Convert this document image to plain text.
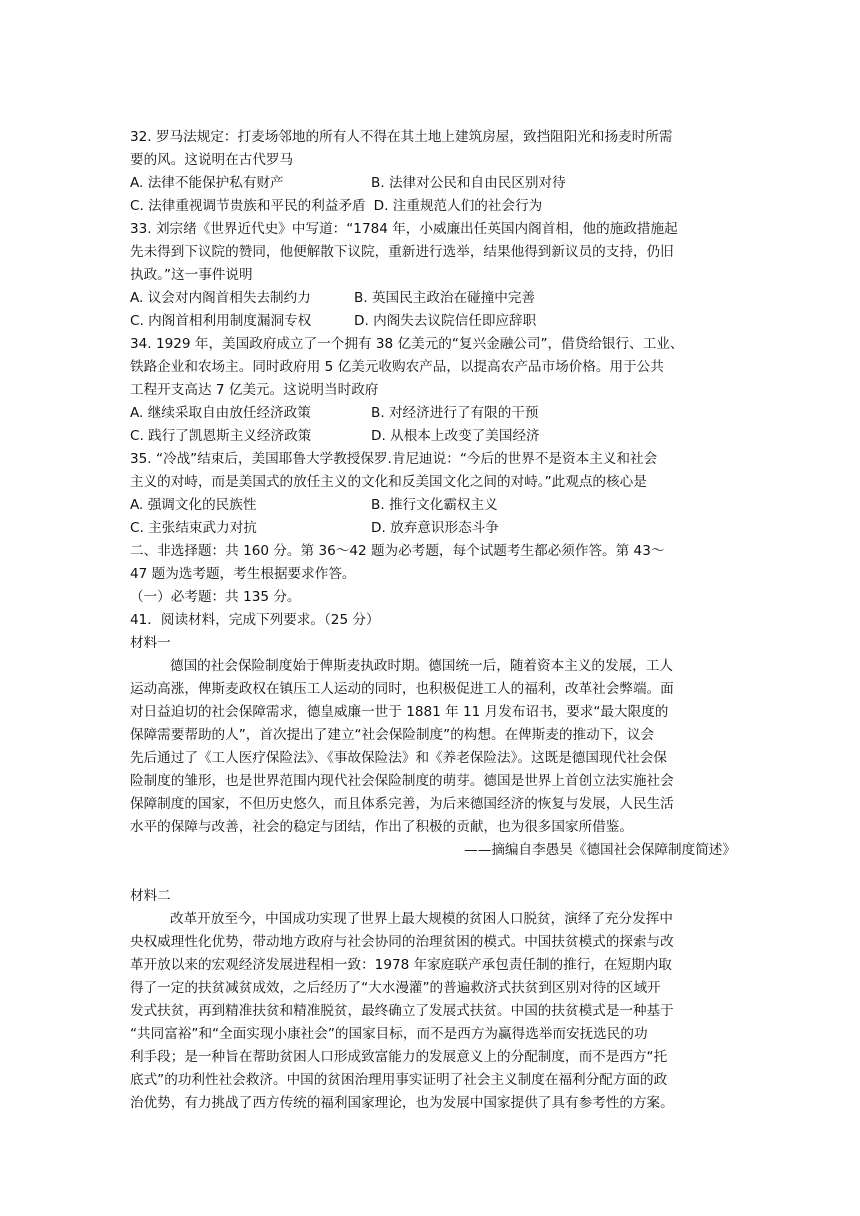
32. 罗马法规定：打麦场邻地的所有人不得在其土地上建筑房屋，致挡阻阳光和扬麦时所需
要的风。这说明在古代罗马
A. 法律不能保护私有财产	B. 法律对公民和自由民区别对待
C. 法律重视调节贵族和平民的利益矛盾 D. 注重规范人们的社会行为
33. 刘宗绪《世界近代史》中写道：“1784 年，小威廉出任英国内阁首相，他的施政措施起
先未得到下议院的赞同，他便解散下议院，重新进行选举，结果他得到新议员的支持，仍旧
执政。”这一事件说明
A. 议会对内阁首相失去制约力	B. 英国民主政治在碰撞中完善
C. 内阁首相利用制度漏洞专权	D. 内阁失去议院信任即应辞职
34. 1929 年，美国政府成立了一个拥有 38 亿美元的“复兴金融公司”，借贷给银行、工业、
铁路企业和农场主。同时政府用 5 亿美元收购农产品，以提高农产品市场价格。用于公共
工程开支高达 7 亿美元。这说明当时政府
A. 继续采取自由放任经济政策	B. 对经济进行了有限的干预
C. 践行了凯恩斯主义经济政策	D. 从根本上改变了美国经济
35. “冷战”结束后，美国耶鲁大学教授保罗.肯尼迪说：“今后的世界不是资本主义和社会
主义的对峙，而是美国式的放任主义的文化和反美国文化之间的对峙。”此观点的核心是
A. 强调文化的民族性	B. 推行文化霸权主义
C. 主张结束武力对抗	D. 放弃意识形态斗争
二、非选择题：共 160 分。第 36～42 题为必考题，每个试题考生都必须作答。第 43～
47 题为选考题，考生根据要求作答。
（一）必考题：共 135 分。
41．阅读材料，完成下列要求。（25 分）
材料一
德国的社会保险制度始于俾斯麦执政时期。德国统一后，随着资本主义的发展，工人
运动高涨，俾斯麦政权在镇压工人运动的同时，也积极促进工人的福利，改革社会弊端。面
对日益迫切的社会保障需求，德皇威廉一世于 1881 年 11 月发布诏书，要求“最大限度的
保障需要帮助的人”，首次提出了建立“社会保险制度”的构想。在俾斯麦的推动下，议会
先后通过了《工人医疗保险法》、《事故保险法》和《养老保险法》。这既是德国现代社会保
险制度的雏形，也是世界范围内现代社会保险制度的萌芽。德国是世界上首创立法实施社会
保障制度的国家，不但历史悠久，而且体系完善，为后来德国经济的恢复与发展，人民生活
水平的保障与改善，社会的稳定与团结，作出了积极的贡献，也为很多国家所借鉴。
——摘编自李愚昊《德国社会保障制度简述》
材料二
改革开放至今，中国成功实现了世界上最大规模的贫困人口脱贫，演绎了充分发挥中
央权威理性化优势，带动地方政府与社会协同的治理贫困的模式。中国扶贫模式的探索与改
革开放以来的宏观经济发展进程相一致：1978 年家庭联产承包责任制的推行，在短期内取
得了一定的扶贫减贫成效，之后经历了“大水漫灌”的普遍救济式扶贫到区别对待的区域开
发式扶贫，再到精准扶贫和精准脱贫，最终确立了发展式扶贫。中国的扶贫模式是一种基于
“共同富裕”和“全面实现小康社会”的国家目标，而不是西方为赢得选举而安抚选民的功
利手段；是一种旨在帮助贫困人口形成致富能力的发展意义上的分配制度，而不是西方“托
底式”的功利性社会救济。中国的贫困治理用事实证明了社会主义制度在福利分配方面的政
治优势，有力挑战了西方传统的福利国家理论，也为发展中国家提供了具有参考性的方案。
